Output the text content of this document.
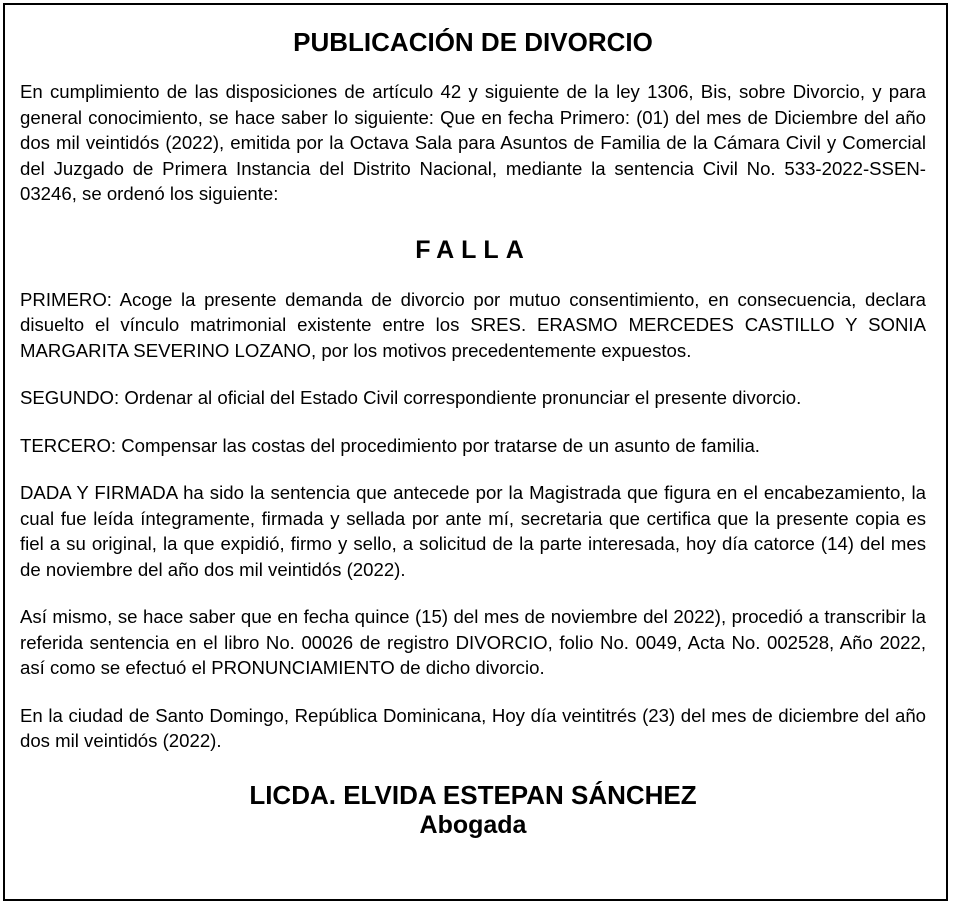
PUBLICACIÓN DE DIVORCIO

En cumplimiento de las disposiciones de artículo 42 y siguiente de la ley 1306, Bis, sobre Divorcio, y para general conocimiento, se hace saber lo siguiente: Que en fecha Primero: (01) del mes de Diciembre del año dos mil veintidós (2022), emitida por la Octava Sala para Asuntos de Familia de la Cámara Civil y Comercial del Juzgado de Primera Instancia del Distrito Nacional, mediante la sentencia Civil No. 533-2022-SSEN-03246, se ordenó los siguiente:

FALLA

PRIMERO: Acoge la presente demanda de divorcio por mutuo consentimiento, en consecuencia, declara disuelto el vínculo matrimonial existente entre los SRES. ERASMO MERCEDES CASTILLO Y SONIA MARGARITA SEVERINO LOZANO, por los motivos precedentemente expuestos.

SEGUNDO: Ordenar al oficial del Estado Civil correspondiente pronunciar el presente divorcio.

TERCERO: Compensar las costas del procedimiento por tratarse de un asunto de familia.

DADA Y FIRMADA ha sido la sentencia que antecede por la Magistrada que figura en el encabezamiento, la cual fue leída íntegramente, firmada y sellada por ante mí, secretaria que certifica que la presente copia es fiel a su original, la que expidió, firmo y sello, a solicitud de la parte interesada, hoy día catorce (14) del mes de noviembre del año dos mil veintidós (2022).

Así mismo, se hace saber que en fecha quince (15) del mes de noviembre del 2022), procedió a transcribir la referida sentencia en el libro No. 00026 de registro DIVORCIO, folio No. 0049, Acta No. 002528, Año 2022, así como se efectuó el PRONUNCIAMIENTO de dicho divorcio.

En la ciudad de Santo Domingo, República Dominicana, Hoy día veintitrés (23) del mes de diciembre del año dos mil veintidós (2022).

LICDA. ELVIDA ESTEPAN SÁNCHEZ
Abogada
